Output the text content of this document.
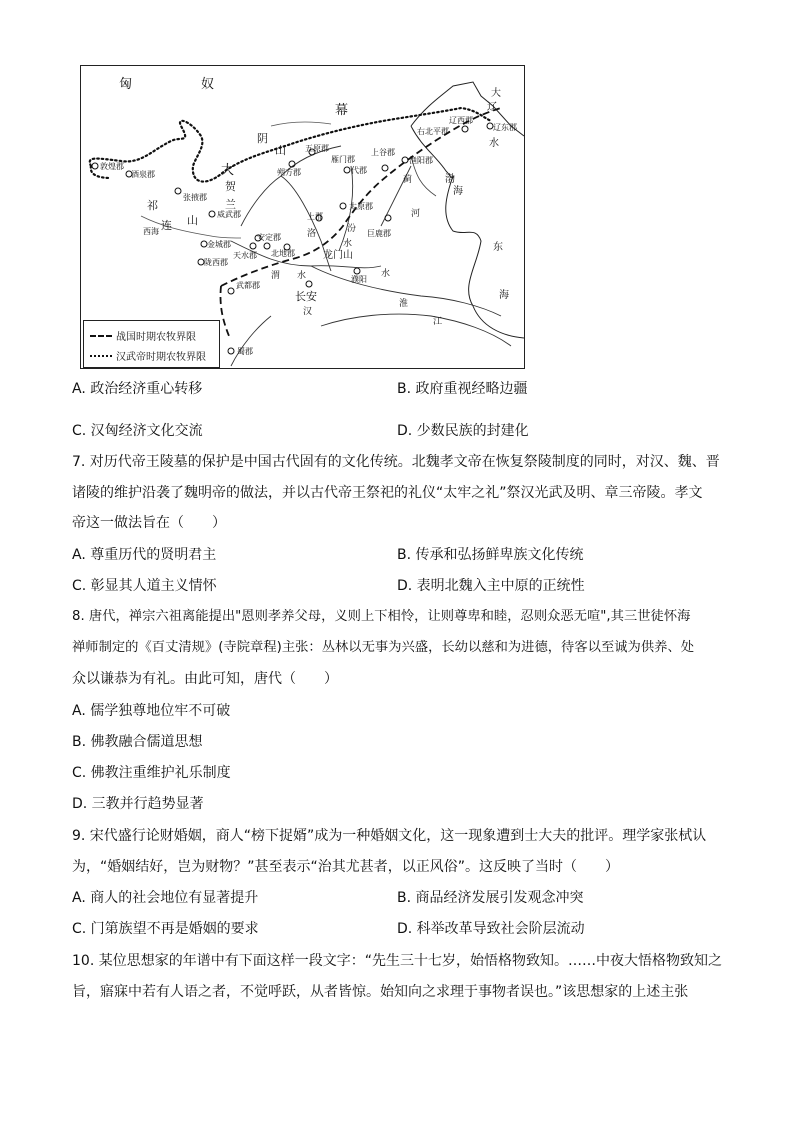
匈	奴
幕
阴
山
大
贺
兰
祁
连 山
敦煌郡
酒泉郡
张掖郡
威武郡
金城郡
陇西郡
天水郡
安定郡
北地郡
朔方郡
五原郡
雁门郡
代郡
上谷郡
渔阳郡
右北平郡
辽西郡
辽东郡
太原郡
巨鹿郡
上郡
武都郡
蜀郡
濮阳
长安
龙门山
西海
渤
海
东
海
洛	汾
河
渭 水
水
水
淮
江
汉
大
辽
水
蓟
战国时期农牧界限
汉武帝时期农牧界限
A. 政治经济重心转移	B. 政府重视经略边疆
C. 汉匈经济文化交流	D. 少数民族的封建化
7. 对历代帝王陵墓的保护是中国古代固有的文化传统。北魏孝文帝在恢复祭陵制度的同时，对汉、魏、晋
诸陵的维护沿袭了魏明帝的做法，并以古代帝王祭祀的礼仪“太牢之礼”祭汉光武及明、章三帝陵。孝文
帝这一做法旨在（　　）
A. 尊重历代的贤明君主	B. 传承和弘扬鲜卑族文化传统
C. 彰显其人道主义情怀	D. 表明北魏入主中原的正统性
8. 唐代，禅宗六祖离能提出"恩则孝养父母，义则上下相怜，让则尊卑和睦，忍则众恶无喧",其三世徒怀海
禅师制定的《百丈清规》(寺院章程)主张：丛林以无事为兴盛，长幼以慈和为进德，待客以至诚为供养、处
众以谦恭为有礼。由此可知，唐代（　　）
A. 儒学独尊地位牢不可破
B. 佛教融合儒道思想
C. 佛教注重维护礼乐制度
D. 三教并行趋势显著
9. 宋代盛行论财婚姻，商人“榜下捉婿”成为一种婚姻文化，这一现象遭到士大夫的批评。理学家张栻认
为，“婚姻结好，岂为财物？”甚至表示“治其尤甚者，以正风俗”。这反映了当时（　　）
A. 商人的社会地位有显著提升	B. 商品经济发展引发观念冲突
C. 门第族望不再是婚姻的要求	D. 科举改革导致社会阶层流动
10. 某位思想家的年谱中有下面这样一段文字：“先生三十七岁，始悟格物致知。……中夜大悟格物致知之
旨，寤寐中若有人语之者，不觉呼跃，从者皆惊。始知向之求理于事物者误也。”该思想家的上述主张
